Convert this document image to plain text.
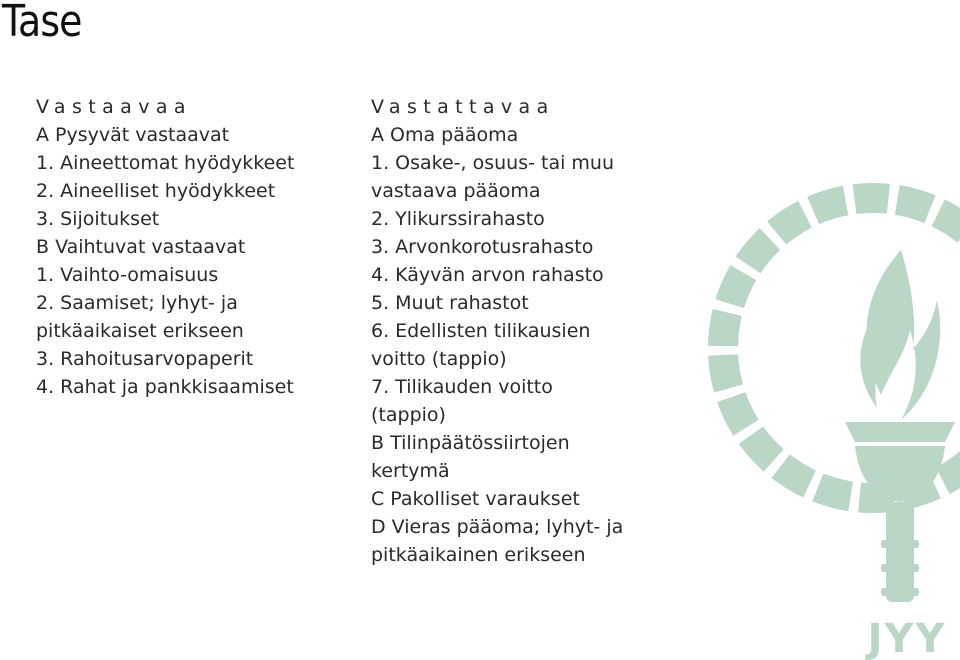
Tase
Vastaavaa
A Pysyvät vastaavat
1. Aineettomat hyödykkeet
2. Aineelliset hyödykkeet
3. Sijoitukset
B Vaihtuvat vastaavat
1. Vaihto-omaisuus
2. Saamiset; lyhyt- ja
pitkäaikaiset erikseen
3. Rahoitusarvopaperit
4. Rahat ja pankkisaamiset
Vastattavaa
A Oma pääoma
1. Osake-, osuus- tai muu
vastaava pääoma
2. Ylikurssirahasto
3. Arvonkorotusrahasto
4. Käyvän arvon rahasto
5. Muut rahastot
6. Edellisten tilikausien
voitto (tappio)
7. Tilikauden voitto
(tappio)
B Tilinpäätössiirtojen
kertymä
C Pakolliset varaukset
D Vieras pääoma; lyhyt- ja
pitkäaikainen erikseen
JYY
